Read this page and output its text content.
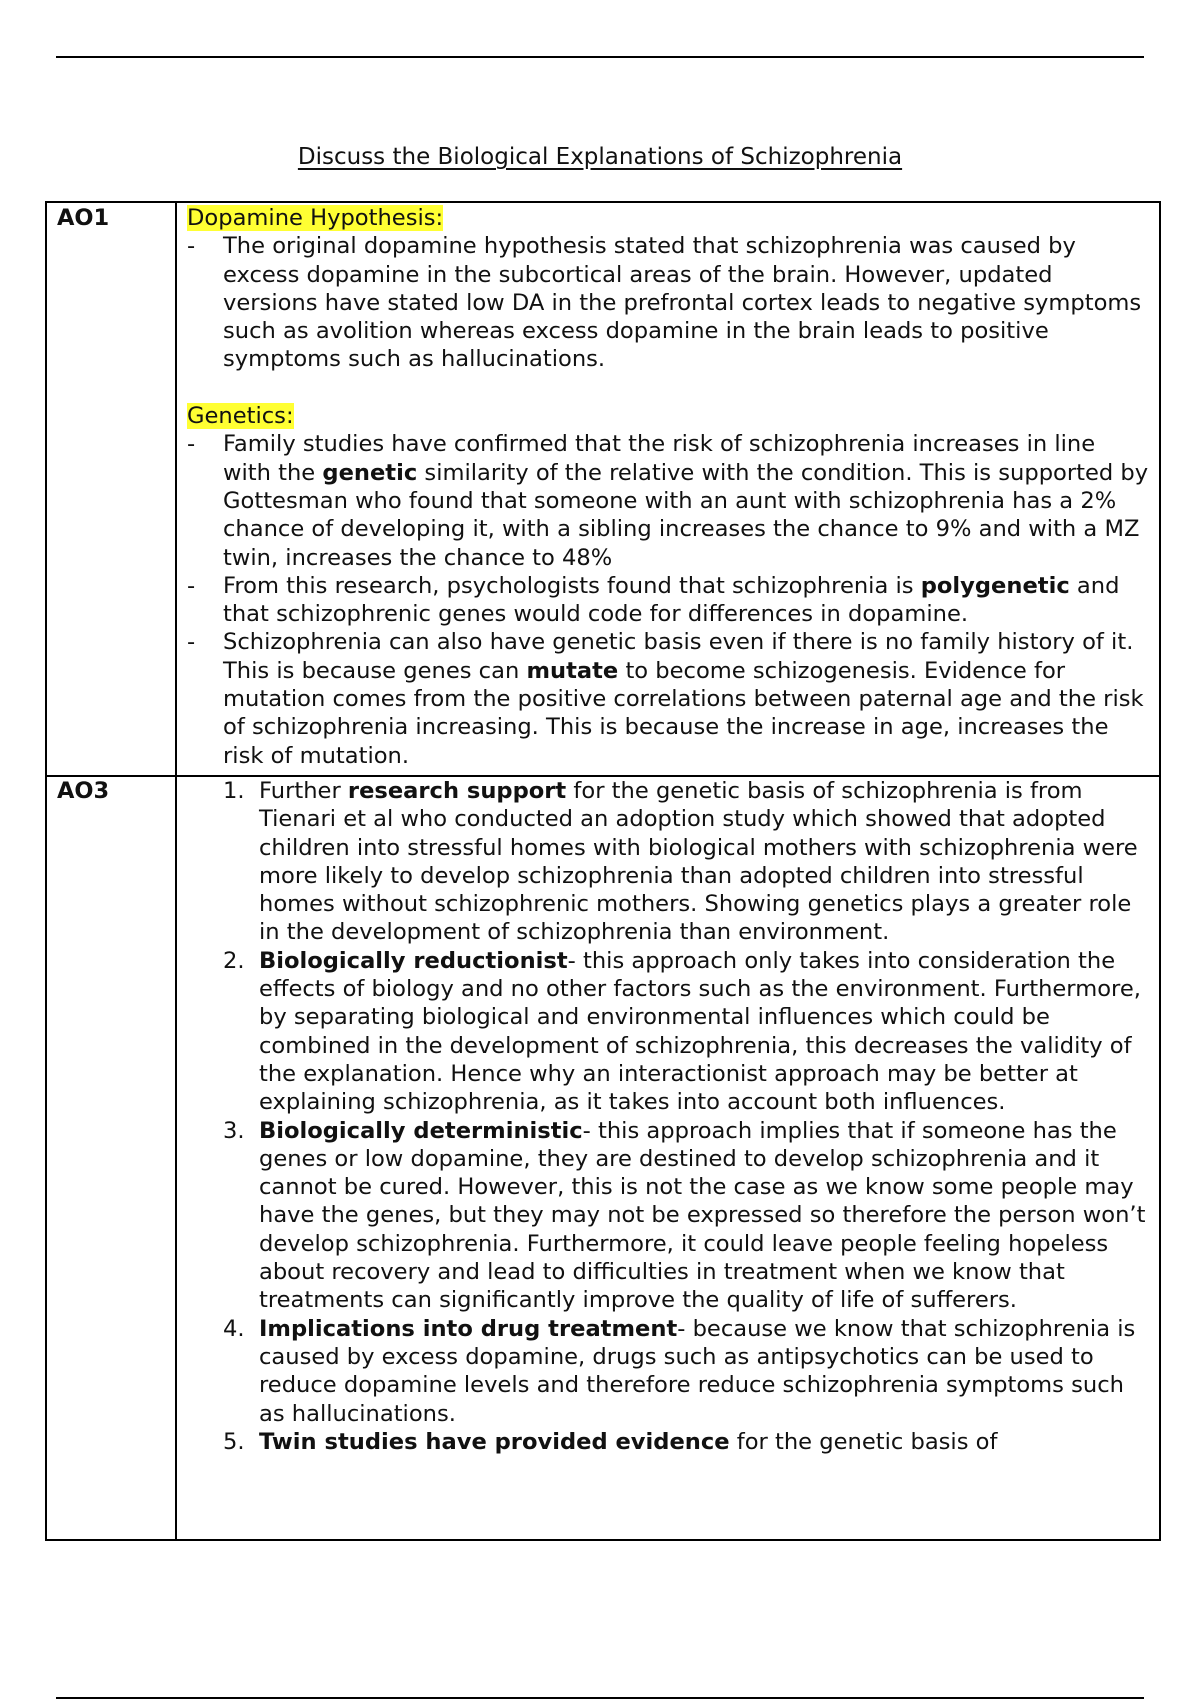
Discuss the Biological Explanations of Schizophrenia
AO1
AO3

Dopamine Hypothesis:

- The original dopamine hypothesis stated that schizophrenia was caused by excess dopamine in the subcortical areas of the brain. However, updated versions have stated low DA in the prefrontal cortex leads to negative symptoms such as avolition whereas excess dopamine in the brain leads to positive symptoms such as hallucinations.

Genetics:

- Family studies have confirmed that the risk of schizophrenia increases in line with the genetic similarity of the relative with the condition. This is supported by Gottesman who found that someone with an aunt with schizophrenia has a 2% chance of developing it, with a sibling increases the chance to 9% and with a MZ twin, increases the chance to 48%

- From this research, psychologists found that schizophrenia is polygenetic and that schizophrenic genes would code for differences in dopamine.

- Schizophrenia can also have genetic basis even if there is no family history of it. This is because genes can mutate to become schizogenesis. Evidence for mutation comes from the positive correlations between paternal age and the risk of schizophrenia increasing. This is because the increase in age, increases the risk of mutation.

1. Further research support for the genetic basis of schizophrenia is from Tienari et al who conducted an adoption study which showed that adopted children into stressful homes with biological mothers with schizophrenia were more likely to develop schizophrenia than adopted children into stressful homes without schizophrenic mothers. Showing genetics plays a greater role in the development of schizophrenia than environment.

2. Biologically reductionist- this approach only takes into consideration the effects of biology and no other factors such as the environment. Furthermore, by separating biological and environmental influences which could be combined in the development of schizophrenia, this decreases the validity of the explanation. Hence why an interactionist approach may be better at explaining schizophrenia, as it takes into account both influences.

3. Biologically deterministic- this approach implies that if someone has the genes or low dopamine, they are destined to develop schizophrenia and it cannot be cured. However, this is not the case as we know some people may have the genes, but they may not be expressed so therefore the person won’t develop schizophrenia. Furthermore, it could leave people feeling hopeless about recovery and lead to difficulties in treatment when we know that treatments can significantly improve the quality of life of sufferers.

4. Implications into drug treatment- because we know that schizophrenia is caused by excess dopamine, drugs such as antipsychotics can be used to reduce dopamine levels and therefore reduce schizophrenia symptoms such as hallucinations.

5. Twin studies have provided evidence for the genetic basis of
